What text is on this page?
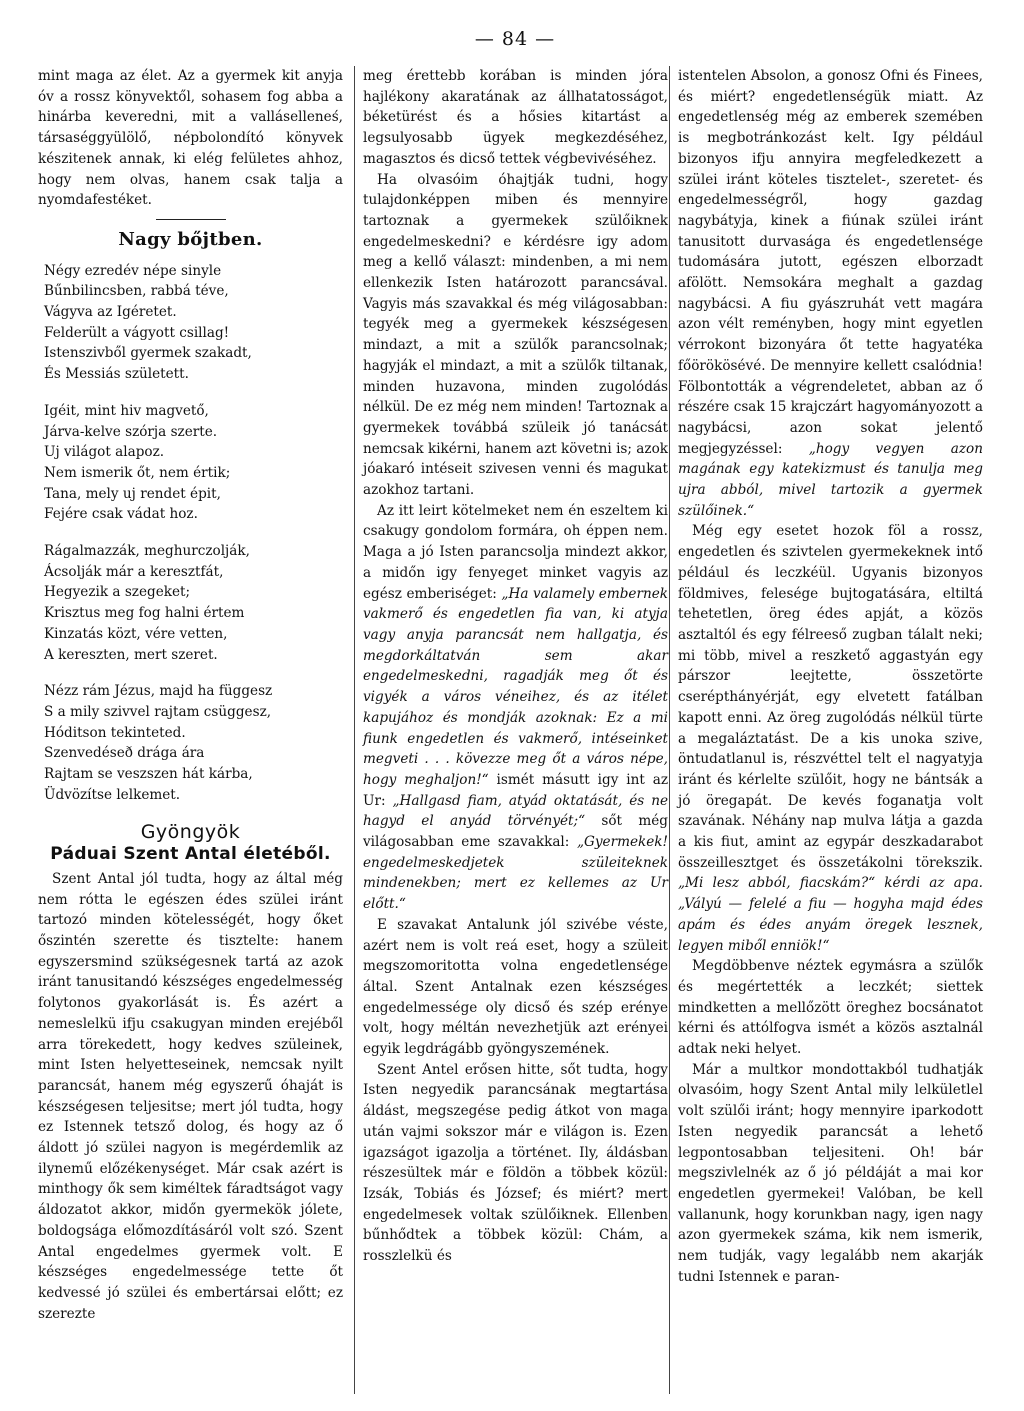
— 84 —

mint maga az élet. Az a gyermek kit anyja óv a rossz könyvektől, sohasem fog abba a hinárba keveredni, mit a valláselleneś, társaséggyülölő, népbolondító könyvek készitenek annak, ki elég felületes ahhoz, hogy nem olvas, hanem csak talja a nyomdafestéket.

Nagy bőjtben.
Négy ezredév népe sinyle
Bűnbilincsben, rabbá téve,
Vágyva az Igéretet.
Felderült a vágyott csillag!
Istenszivből gyermek szakadt,
És Messiás született.
Igéit, mint hiv magvető,
Járva-kelve szórja szerte.
Uj világot alapoz.
Nem ismerik őt, nem értik;
Tana, mely uj rendet épit,
Fejére csak vádat hoz.
Rágalmazzák, meghurczolják,
Ácsolják már a keresztfát,
Hegyezik a szegeket;
Krisztus meg fog halni értem
Kinzatás közt, vére vetten,
A kereszten, mert szeret.
Nézz rám Jézus, majd ha függesz
S a mily szivvel rajtam csüggesz,
Hóditson tekinteted.
Szenvedéseð drága ára
Rajtam se veszszen hát kárba,
Üdvözítse lelkemet.
Gyöngyök
Páduai Szent Antal életéből.

Szent Antal jól tudta, hogy az által még nem rótta le egészen édes szülei iránt tartozó minden kötelességét, hogy őket őszintén szerette és tisztelte: hanem egyszersmind szükségesnek tartá az azok iránt tanusitandó készséges engedelmesség folytonos gyakorlását is. És azért a nemeslelkü ifju csakugyan minden erejéből arra törekedett, hogy kedves szüleinek, mint Isten helyetteseinek, nemcsak nyilt parancsát, hanem még egyszerű óhaját is készségesen teljesitse; mert jól tudta, hogy ez Istennek tetsző dolog, és hogy az ő áldott jó szülei nagyon is megérdemlik az ilynemű előzékenységet. Már csak azért is minthogy ők sem kiméltek fáradtságot vagy áldozatot akkor, midőn gyermekök jólete, boldogsága előmozdításáról volt szó. Szent Antal engedelmes gyermek volt. E készséges engedelmessége tette őt kedvessé jó szülei és embertársai előtt; ez szerezte

meg érettebb korában is minden jóra hajlékony akaratának az állhatatosságot, béketürést és a hősies kitartást a legsulyosabb ügyek megkezdéséhez, magasztos és dicső tettek végbevivéséhez.

Ha olvasóim óhajtják tudni, hogy tulajdonképpen miben és mennyire tartoznak a gyermekek szülőiknek engedelmeskedni? e kérdésre igy adom meg a kellő választ: mindenben, a mi nem ellenkezik Isten határozott parancsával. Vagyis más szavakkal és még világosabban: tegyék meg a gyermekek készségesen mindazt, a mit a szülők parancsolnak; hagyják el mindazt, a mit a szülők tiltanak, minden huzavona, minden zugolódás nélkül. De ez még nem minden! Tartoznak a gyermekek továbbá szüleik jó tanácsát nemcsak kikérni, hanem azt követni is; azok jóakaró intéseit szivesen venni és magukat azokhoz tartani.

Az itt leirt kötelmeket nem én eszeltem ki csakugy gondolom formára, oh éppen nem. Maga a jó Isten parancsolja mindezt akkor, a midőn igy fenyeget minket vagyis az egész emberiséget: „Ha valamely embernek vakmerő és engedetlen fia van, ki atyja vagy anyja parancsát nem hallgatja, és megdorkáltatván sem akar engedelmeskedni, ragadják meg őt és vigyék a város véneihez, és az itélet kapujához és mondják azoknak: Ez a mi fiunk engedetlen és vakmerő, intéseinket megveti . . . kövezze meg őt a város népe, hogy meghaljon!“ ismét másutt igy int az Ur: „Hallgasd fiam, atyád oktatását, és ne hagyd el anyád törvényét;“ sőt még világosabban eme szavakkal: „Gyermekek! engedelmeskedjetek szüleiteknek mindenekben; mert ez kellemes az Ur előtt.“

E szavakat Antalunk jól szivébe véste, azért nem is volt reá eset, hogy a szüleit megszomoritotta volna engedetlensége által. Szent Antalnak ezen készséges engedelmessége oly dicső és szép erénye volt, hogy méltán nevezhetjük azt erényei egyik legdrágább gyöngyszemének.

Szent Antel erősen hitte, sőt tudta, hogy Isten negyedik parancsának megtartása áldást, megszegése pedig átkot von maga után vajmi sokszor már e világon is. Ezen igazságot igazolja a történet. Ily, áldásban részesültek már e földön a többek közül: Izsák, Tobiás és József; és miért? mert engedelmesek voltak szülőiknek. Ellenben bűnhődtek a többek közül: Chám, a rosszlelkü és

istentelen Absolon, a gonosz Ofni és Finees, és miért? engedetlenségük miatt. Az engedetlenség még az emberek szemében is megbotránkozást kelt. Igy például bizonyos ifju annyira megfeledkezett a szülei iránt köteles tisztelet-, szeretet- és engedelmességről, hogy gazdag nagybátyja, kinek a fiúnak szülei iránt tanusitott durvasága és engedetlensége tudomására jutott, egészen elborzadt afölött. Nemsokára meghalt a gazdag nagybácsi. A fiu gyászruhát vett magára azon vélt reményben, hogy mint egyetlen vérrokont bizonyára őt tette hagyatéka főörökösévé. De mennyire kellett csalódnia! Fölbontották a végrendeletet, abban az ő részére csak 15 krajczárt hagyományozott a nagybácsi, azon sokat jelentő megjegyzéssel: „hogy vegyen azon magának egy katekizmust és tanulja meg ujra abból, mivel tartozik a gyermek szülőinek.“

Még egy esetet hozok föl a rossz, engedetlen és szivtelen gyermekeknek intő például és leczkéül. Ugyanis bizonyos földmives, felesége bujtogatására, eltiltá tehetetlen, öreg édes apját, a közös asztaltól és egy félreeső zugban tálalt neki; mi több, mivel a reszkető aggastyán egy párszor leejtette, összetörte cserépthányérját, egy elvetett fatálban kapott enni. Az öreg zugolódás nélkül türte a megaláztatást. De a kis unokа szive, öntudatlanul is, részvéttel telt el nagyatyja iránt és kérlelte szülőit, hogy ne bántsák a jó öregapát. De kevés foganatja volt szavának. Néhány nap mulva látja a gazda a kis fiut, amint az egypár deszkadarabot összeillesztget és összetákolni törekszik. „Mi lesz abból, fiacskám?“ kérdi az apa. „Vályú — felelé a fiu — hogyha majd édes apám és édes anyám öregek lesznek, legyen miből enniök!“

Megdöbbenve néztek egymásra a szülők és megértették a leczkét; siettek mindketten a mellőzött öreghez bocsánatot kérni és attólfogva ismét a közös asztalnál adtak neki helyet.

Már a multkor mondottakból tudhatják olvasóim, hogy Szent Antal mily lelkületlel volt szülői iránt; hogy mennyire iparkodott Isten negyedik parancsát a lehető legpontosabban teljesiteni. Oh! bár megszivlelnék az ő jó példáját a mai kor engedetlen gyermekei! Valóban, be kell vallanunk, hogy korunkban nagy, igen nagy azon gyermekek száma, kik nem ismerik, nem tudják, vagy legalább nem akarják tudni Istennek e paran-
